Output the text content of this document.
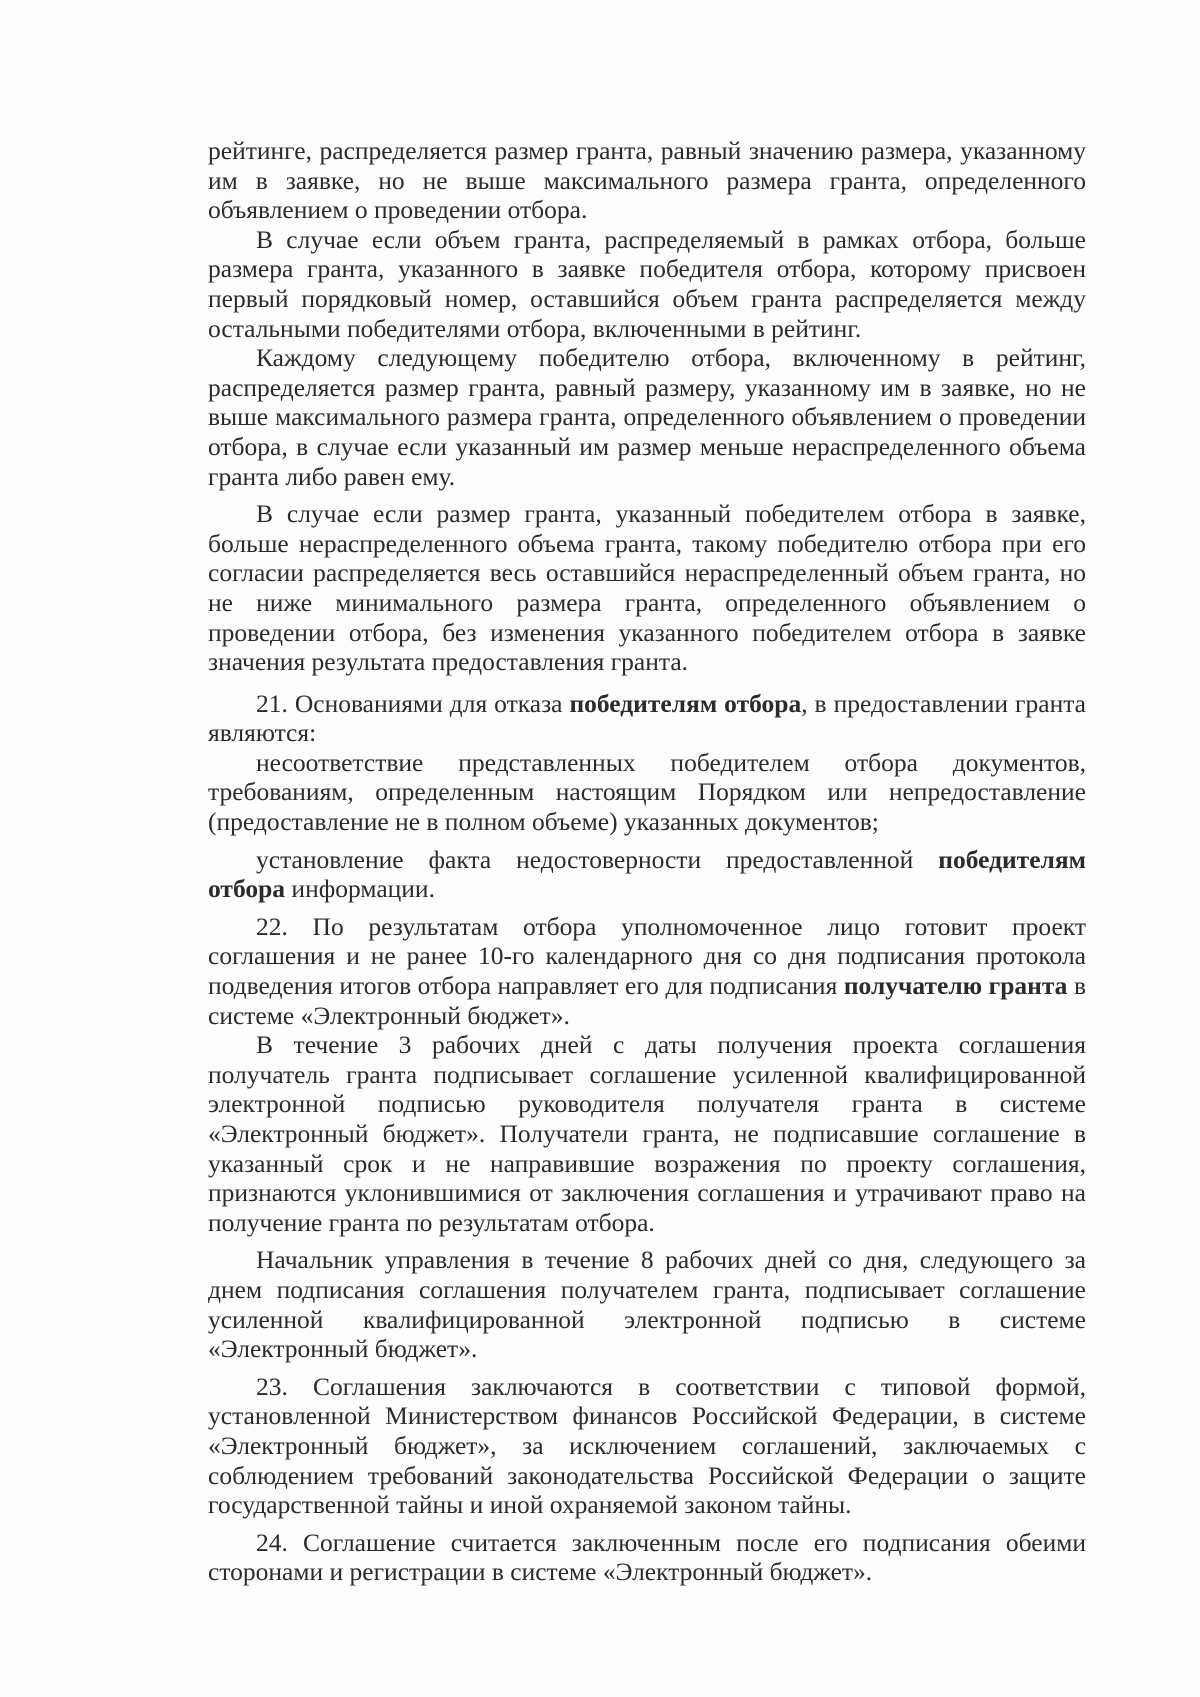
рейтинге, распределяется размер гранта, равный значению размера, указанному им в заявке, но не выше максимального размера гранта, определенного объявлением о проведении отбора.

В случае если объем гранта, распределяемый в рамках отбора, больше размера гранта, указанного в заявке победителя отбора, которому присвоен первый порядковый номер, оставшийся объем гранта распределяется между остальными победителями отбора, включенными в рейтинг.

Каждому следующему победителю отбора, включенному в рейтинг, распределяется размер гранта, равный размеру, указанному им в заявке, но не выше максимального размера гранта, определенного объявлением о проведении отбора, в случае если указанный им размер меньше нераспределенного объема гранта либо равен ему.

В случае если размер гранта, указанный победителем отбора в заявке, больше нераспределенного объема гранта, такому победителю отбора при его согласии распределяется весь оставшийся нераспределенный объем гранта, но не ниже минимального размера гранта, определенного объявлением о проведении отбора, без изменения указанного победителем отбора в заявке значения результата предоставления гранта.

21. Основаниями для отказа победителям отбора, в предоставлении гранта являются:

несоответствие представленных победителем отбора документов, требованиям, определенным настоящим Порядком или непредоставление (предоставление не в полном объеме) указанных документов;

установление факта недостоверности предоставленной победителям отбора информации.

22. По результатам отбора уполномоченное лицо готовит проект соглашения и не ранее 10-го календарного дня со дня подписания протокола подведения итогов отбора направляет его для подписания получателю гранта в системе «Электронный бюджет».

В течение 3 рабочих дней с даты получения проекта соглашения получатель гранта подписывает соглашение усиленной квалифицированной электронной подписью руководителя получателя гранта в системе «Электронный бюджет». Получатели гранта, не подписавшие соглашение в указанный срок и не направившие возражения по проекту соглашения, признаются уклонившимися от заключения соглашения и утрачивают право на получение гранта по результатам отбора.

Начальник управления в течение 8 рабочих дней со дня, следующего за днем подписания соглашения получателем гранта, подписывает соглашение усиленной квалифицированной электронной подписью в системе «Электронный бюджет».

23. Соглашения заключаются в соответствии с типовой формой, установленной Министерством финансов Российской Федерации, в системе «Электронный бюджет», за исключением соглашений, заключаемых с соблюдением требований законодательства Российской Федерации о защите государственной тайны и иной охраняемой законом тайны.

24. Соглашение считается заключенным после его подписания обеими сторонами и регистрации в системе «Электронный бюджет».
